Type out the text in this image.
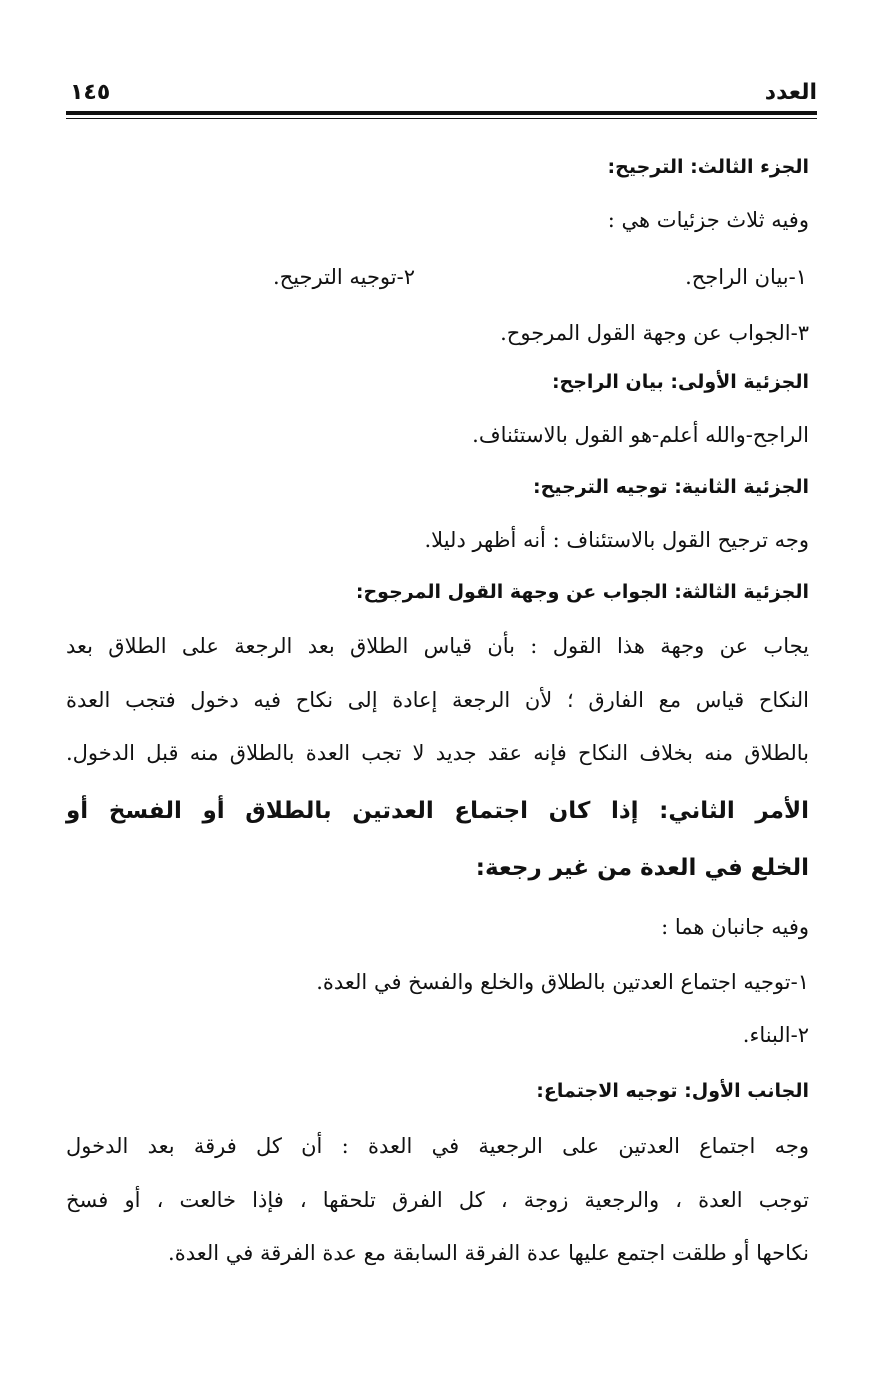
العدد
١٤٥
الجزء الثالث: الترجيح:
وفيه ثلاث جزئيات هي :
١-بيان الراجح.
٢-توجيه الترجيح.
٣-الجواب عن وجهة القول المرجوح.
الجزئية الأولى: بيان الراجح:
الراجح-والله أعلم-هو القول بالاستئناف.
الجزئية الثانية: توجيه الترجيح:
وجه ترجيح القول بالاستئناف : أنه أظهر دليلا.
الجزئية الثالثة: الجواب عن وجهة القول المرجوح:
يجاب عن وجهة هذا القول : بأن قياس الطلاق بعد الرجعة على الطلاق بعد
النكاح قياس مع الفارق ؛ لأن الرجعة إعادة إلى نكاح فيه دخول فتجب العدة
بالطلاق منه بخلاف النكاح فإنه عقد جديد لا تجب العدة بالطلاق منه قبل الدخول.
الأمر الثاني: إذا كان اجتماع العدتين بالطلاق أو الفسخ أو
الخلع في العدة من غير رجعة:
وفيه جانبان هما :
١-توجيه اجتماع العدتين بالطلاق والخلع والفسخ في العدة.
٢-البناء.
الجانب الأول: توجيه الاجتماع:
وجه اجتماع العدتين على الرجعية في العدة : أن كل فرقة بعد الدخول
توجب العدة ، والرجعية زوجة ، كل الفرق تلحقها ، فإذا خالعت ، أو فسخ
نكاحها أو طلقت اجتمع عليها عدة الفرقة السابقة مع عدة الفرقة في العدة.
